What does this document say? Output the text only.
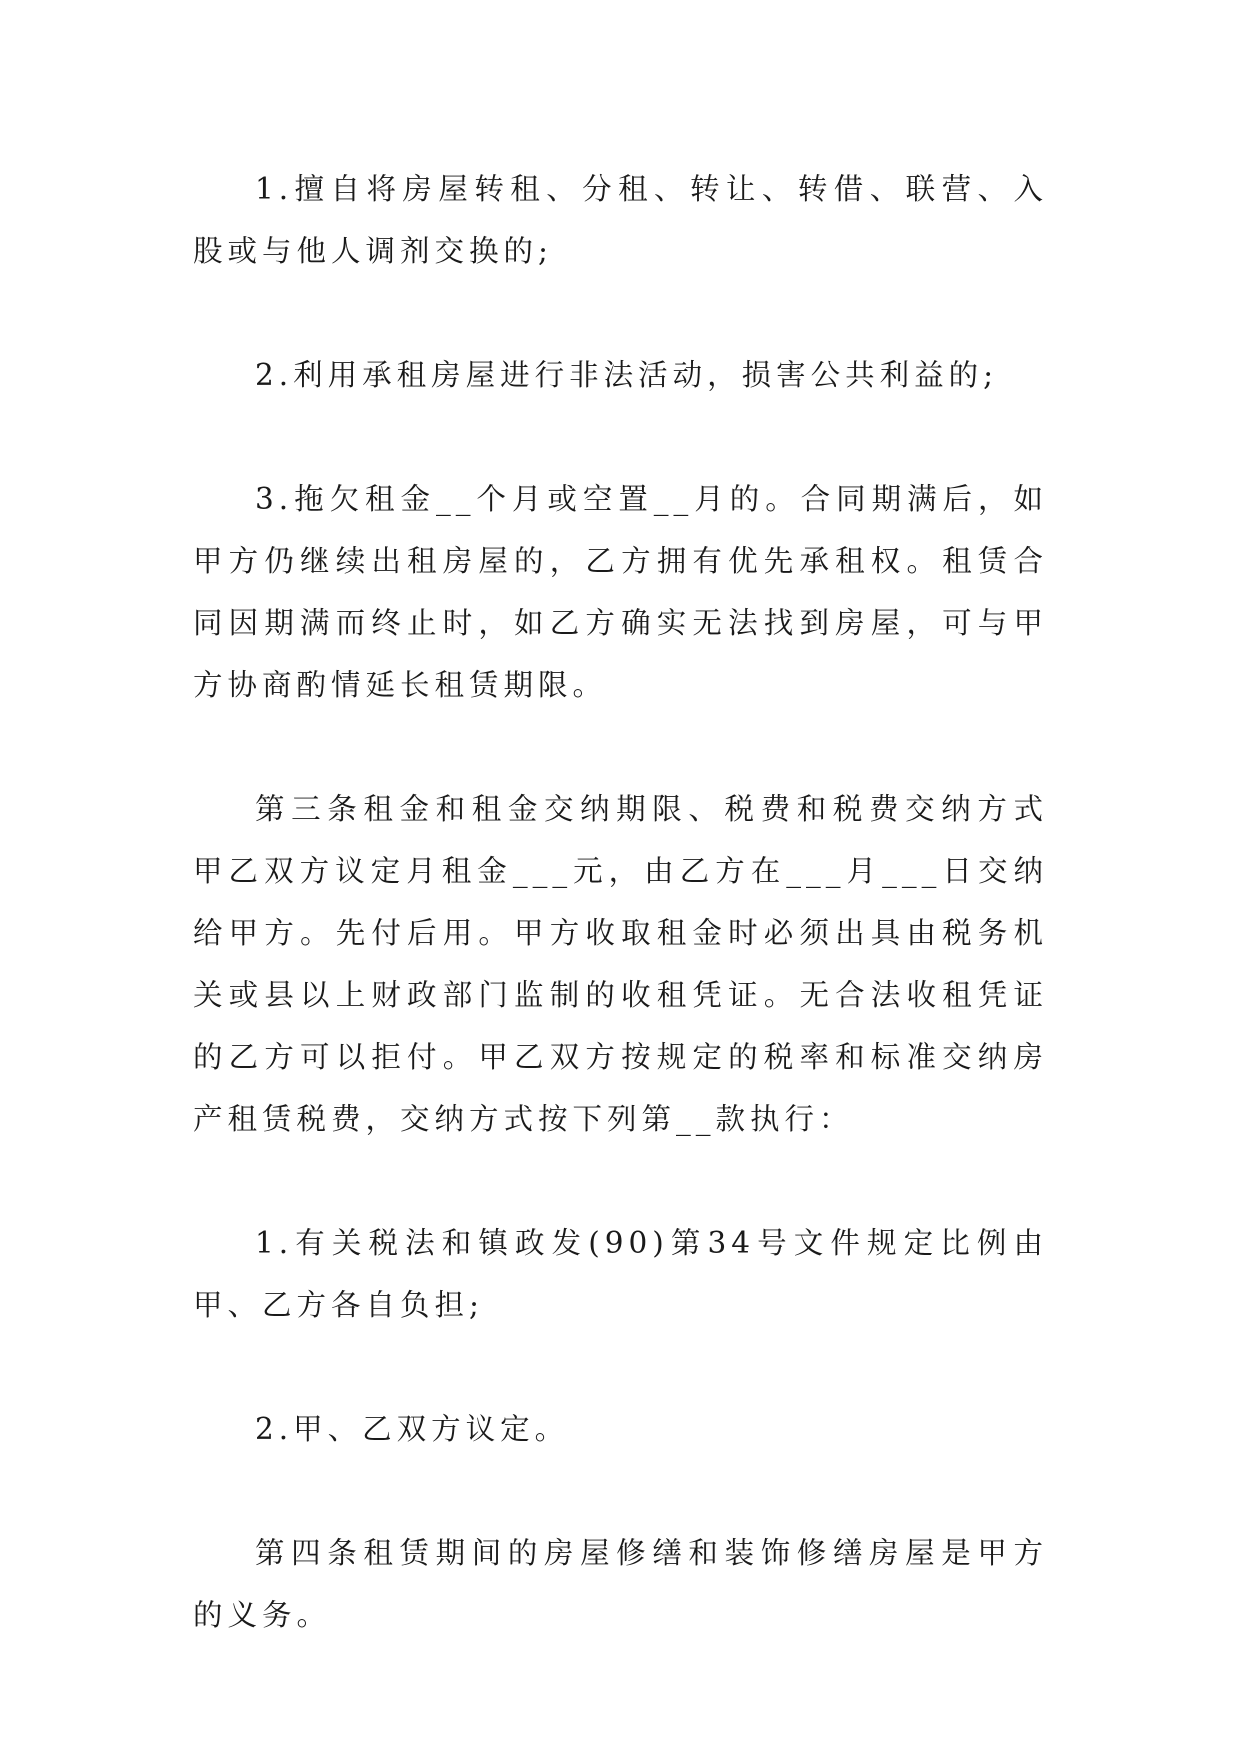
1.擅自将房屋转租、分租、转让、转借、联营、入股或与他人调剂交换的;

2.利用承租房屋进行非法活动，损害公共利益的;

3.拖欠租金__个月或空置__月的。合同期满后，如甲方仍继续出租房屋的，乙方拥有优先承租权。租赁合同因期满而终止时，如乙方确实无法找到房屋，可与甲方协商酌情延长租赁期限。

第三条租金和租金交纳期限、税费和税费交纳方式甲乙双方议定月租金___元，由乙方在___月___日交纳给甲方。先付后用。甲方收取租金时必须出具由税务机关或县以上财政部门监制的收租凭证。无合法收租凭证的乙方可以拒付。甲乙双方按规定的税率和标准交纳房产租赁税费，交纳方式按下列第__款执行：

1.有关税法和镇政发(90)第34号文件规定比例由甲、乙方各自负担;

2.甲、乙双方议定。

第四条租赁期间的房屋修缮和装饰修缮房屋是甲方的义务。
